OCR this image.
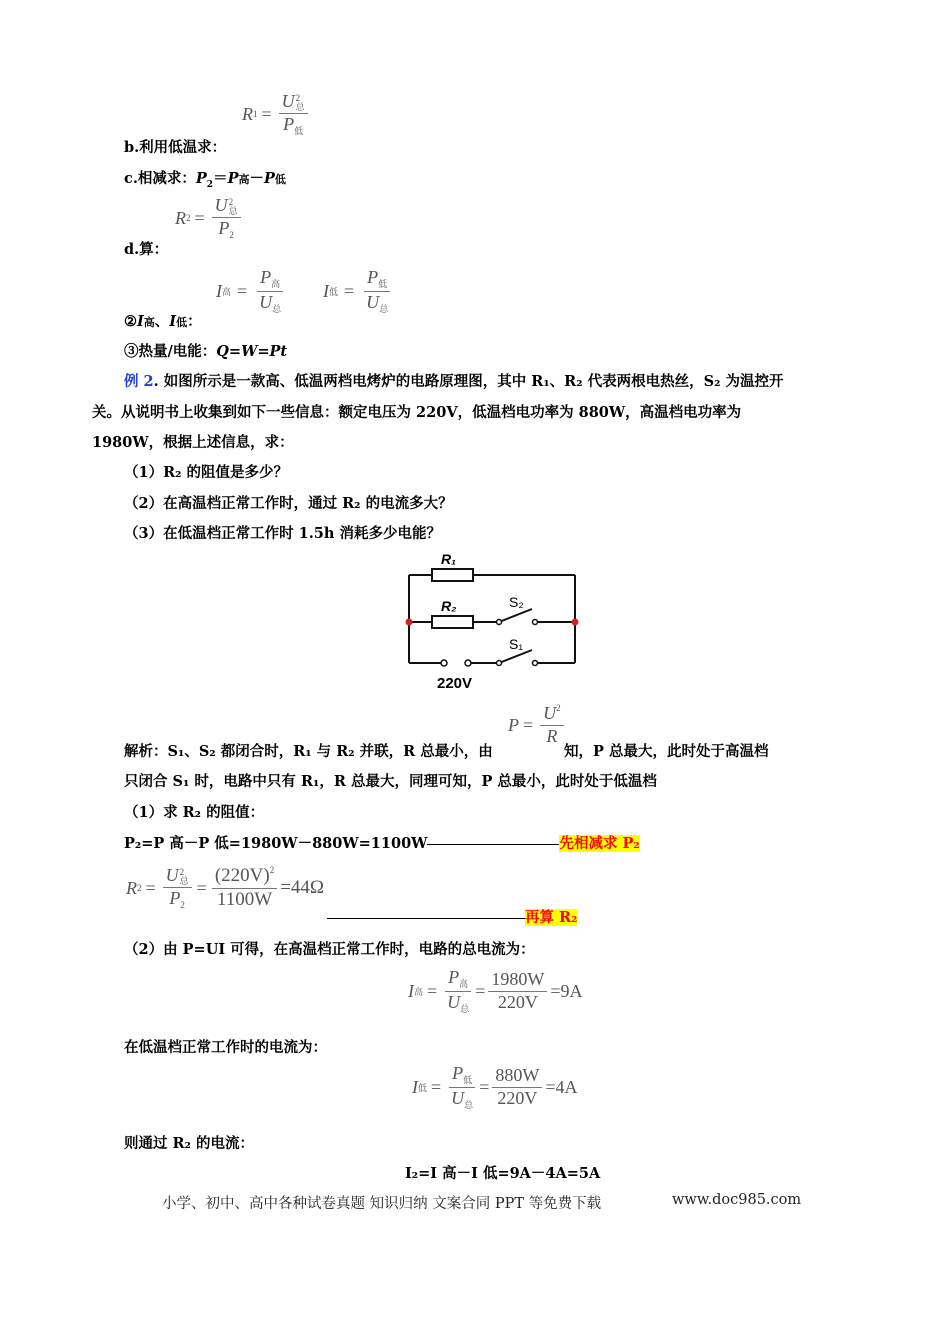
R 1 = U 2
总
$P_低$
b.利用低温求：
c.相减求：$P_2=P$高－P低
R 2 = U 2
总
$P_2$
d.算：
I 高 = $\frac{P_高}{U_总}$ I 低 = $\frac{P_低}{U_总}$
②I高、I低：
③热量/电能：Q=W=Pt
例 2. 如图所示是一款高、低温两档电烤炉的电路原理图，其中 R₁、R₂ 代表两根电热丝，S₂ 为温控开
关。从说明书上收集到如下一些信息：额定电压为 220V，低温档电功率为 880W，高温档电功率为
1980W，根据上述信息，求：
（1）R₂ 的阻值是多少？
（2）在高温档正常工作时，通过 R₂ 的电流多大？
（3）在低温档正常工作时 1.5h 消耗多少电能？
R₁
R₂	S₂
S₁
220V
$P = \frac{U^2}{R}$
解析：S₁、S₂ 都闭合时，R₁ 与 R₂ 并联，R 总最小，由	知，P 总最大，此时处于高温档
只闭合 S₁ 时，电路中只有 R₁，R 总最大，同理可知，P 总最小，此时处于低温档
（1）求 R₂ 的阻值：
P₂=P 高－P 低=1980W－880W=1100W	先相减求 P₂
R 2 = U 2
总
$P_2 = \frac{(220V)^2}{1100W} =44\Omega$
再算 R₂
（2）由 P=UI 可得，在高温档正常工作时，电路的总电流为：
I 高 = $\frac{P_高}{U_总} = \frac{1980W}{220V} =9A$
在低温档正常工作时的电流为：
I 低 = $\frac{P_低}{U_总} = \frac{880W}{220V} =4A$
则通过 R₂ 的电流：
I₂=I 高－I 低=9A－4A=5A
小学、初中、高中各种试卷真题 知识归纳 文案合同 PPT 等免费下载	www.doc985.com
